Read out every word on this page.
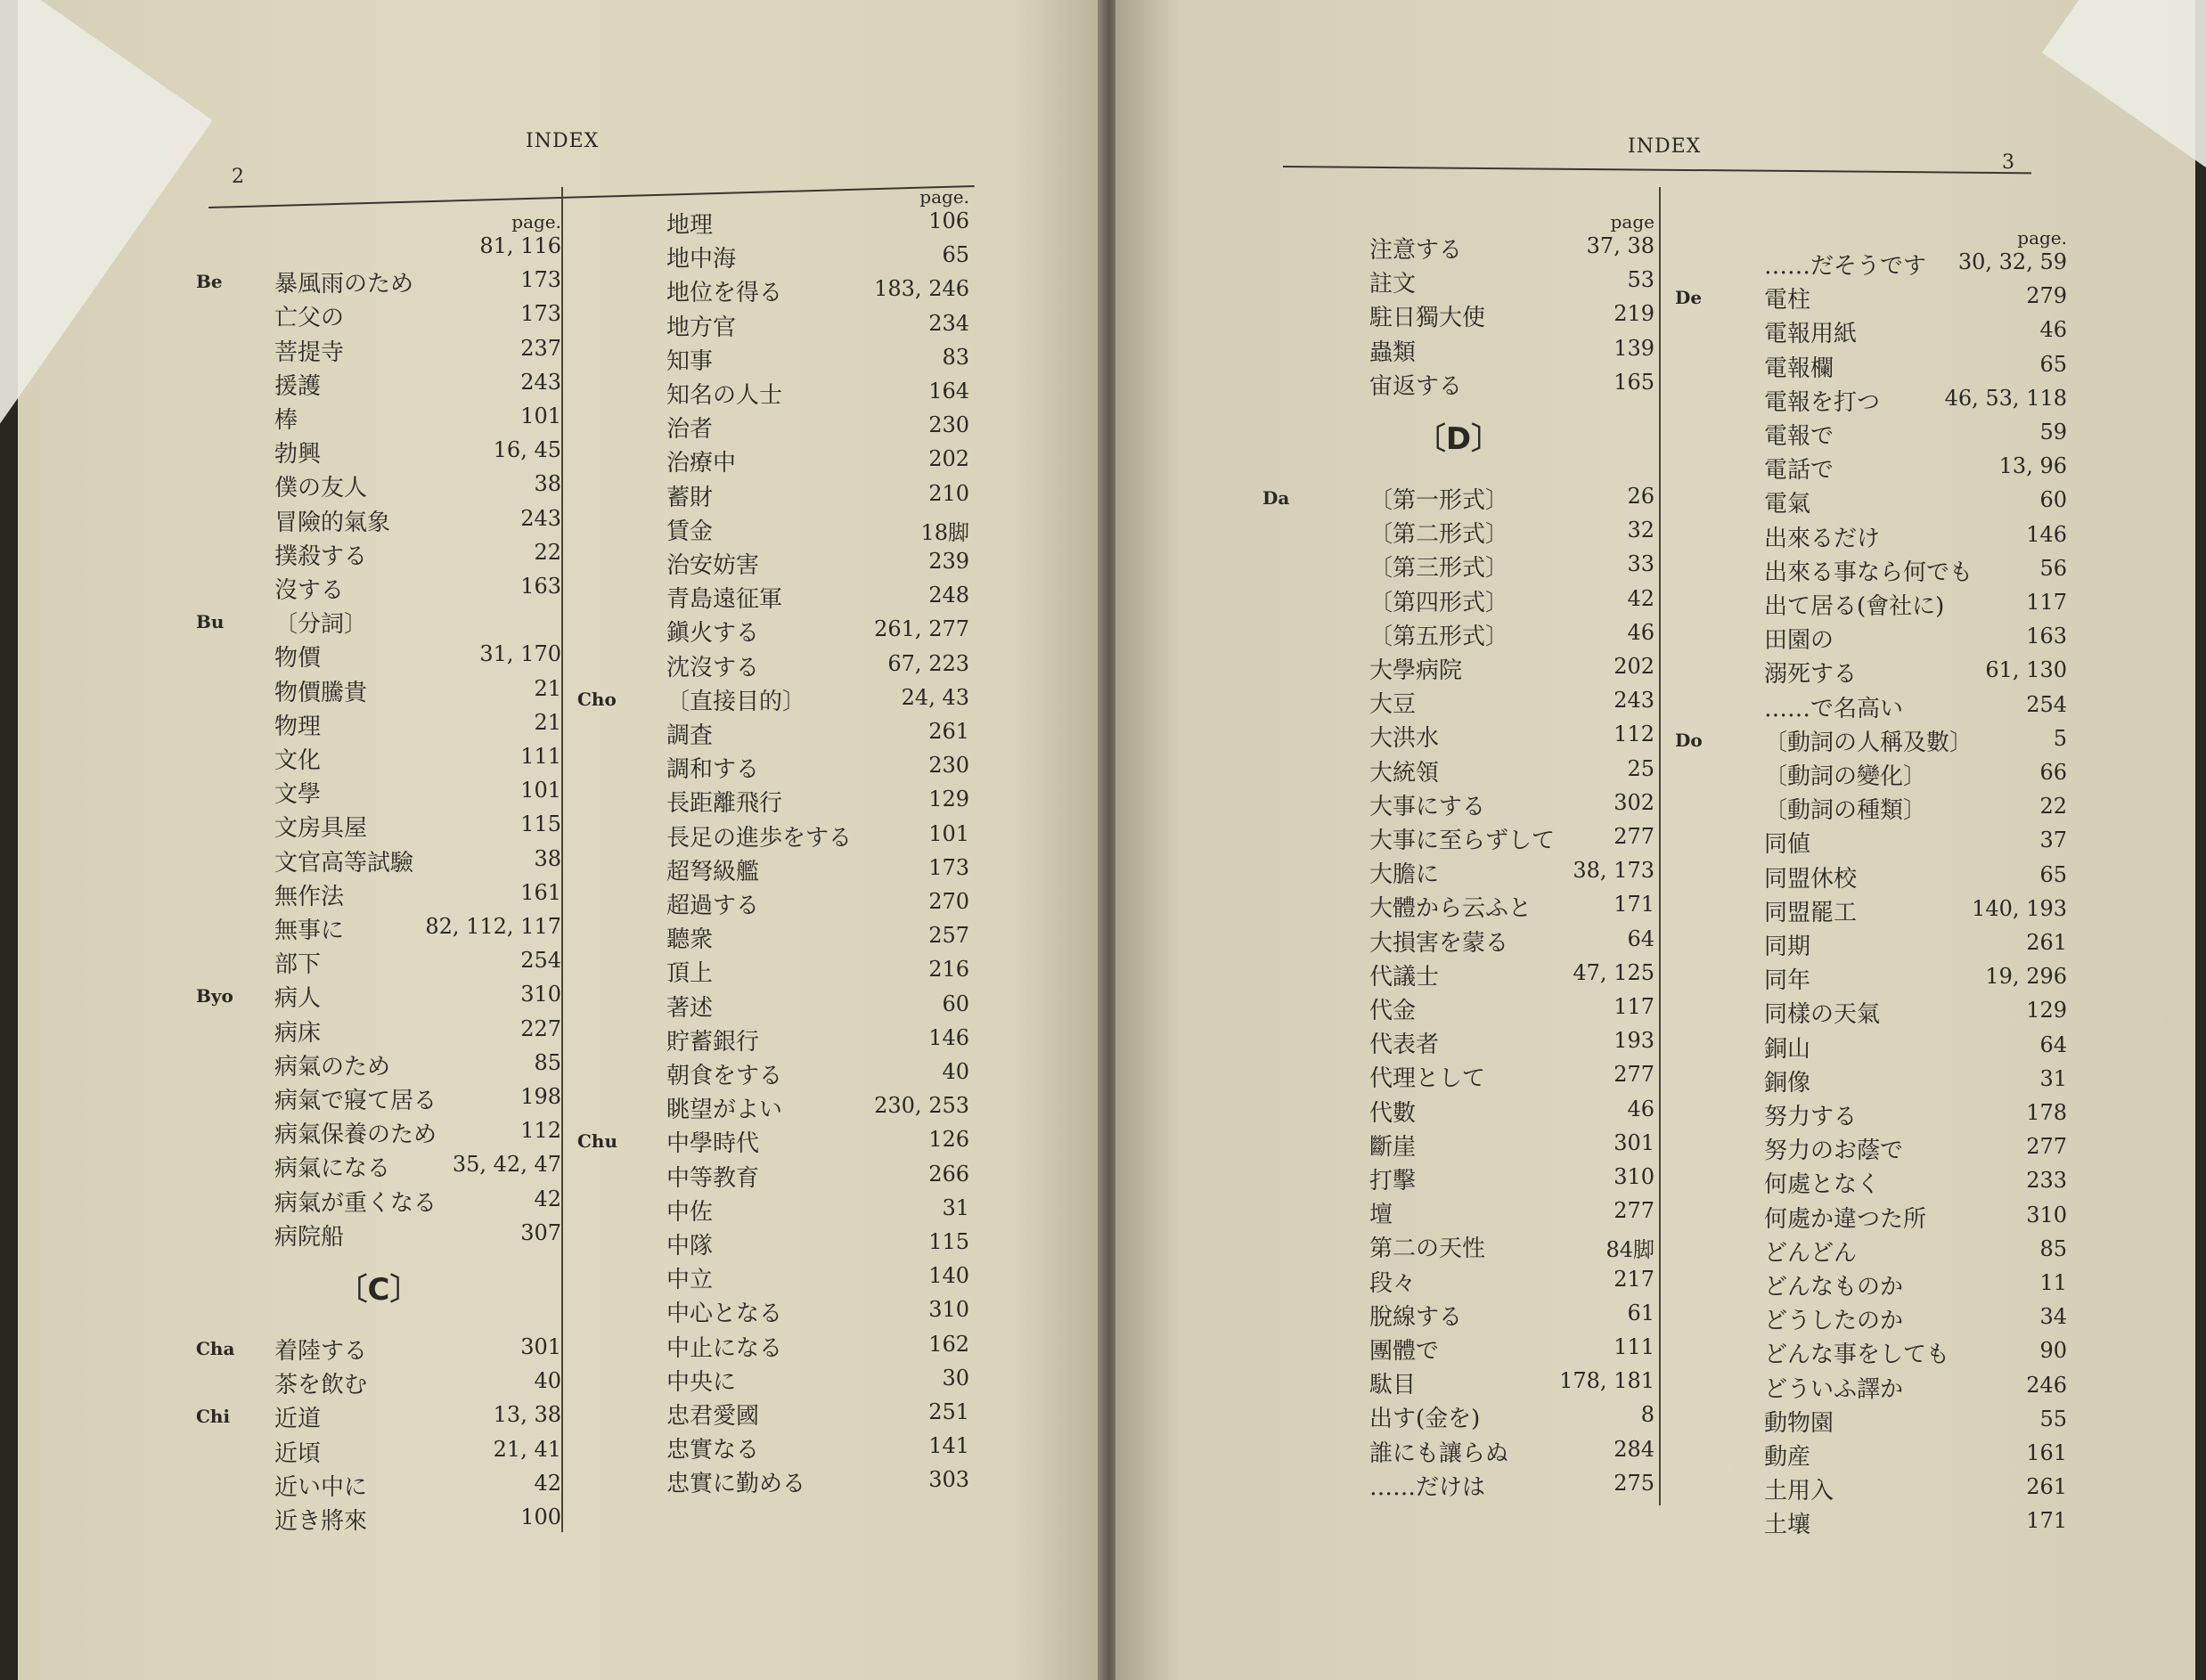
INDEX
2
page.
81, 116
Be 暴風雨のため	173
亡父の	173
菩提寺	237
援護	243
棒	101
勃興	16, 45
僕の友人	38
冒險的氣象	243
撲殺する	22
沒する	163
Bu 〔分詞〕
物價	31, 170
物價騰貴	21
物理	21
文化	111
文學	101
文房具屋	115
文官高等試驗	38
無作法	161
無事に	82, 112, 117
部下	254
Byo 病人	310
病床	227
病氣のため	85
病氣で寢て居る	198
病氣保養のため	112
病氣になる	35, 42, 47
病氣が重くなる	42
病院船	307
〔C〕
Cha 着陸する	301
茶を飲む	40
Chi 近道	13, 38
近頃	21, 41
近い中に	42
近き將來	100
page.
地理	106
地中海	65
地位を得る	183, 246
地方官	234
知事	83
知名の人士	164
治者	230
治療中	202
蓄財	210
賃金	18脚
治安妨害	239
青島遠征軍	248
鎭火する	261, 277
沈沒する	67, 223
Cho 〔直接目的〕	24, 43
調査	261
調和する	230
長距離飛行	129
長足の進歩をする	101
超弩級艦	173
超過する	270
聽衆	257
頂上	216
著述	60
貯蓄銀行	146
朝食をする	40
眺望がよい	230, 253
Chu 中學時代	126
中等教育	266
中佐	31
中隊	115
中立	140
中心となる	310
中止になる	162
中央に	30
忠君愛國	251
忠實なる	141
忠實に勤める	303
INDEX
3
page
注意する	37, 38
註文	53
駐日獨大使	219
蟲類	139
宙返する	165
〔D〕
Da	〔第一形式〕	26
〔第二形式〕	32
〔第三形式〕	33
〔第四形式〕	42
〔第五形式〕	46
大學病院	202
大豆	243
大洪水	112
大統領	25
大事にする	302
大事に至らずして	277
大膽に	38, 173
大體から云ふと	171
大損害を蒙る	64
代議士	47, 125
代金	117
代表者	193
代理として	277
代數	46
斷崖	301
打擊	310
壇	277
第二の天性	84脚
段々	217
脫線する	61
團體で	111
駄目	178, 181
出す(金を)	8
誰にも讓らぬ	284
……だけは	275
page.
……だそうです 30, 32, 59
De	電柱	279
電報用紙	46
電報欄	65
電報を打つ	46, 53, 118
電報で	59
電話で	13, 96
電氣	60
出來るだけ	146
出來る事なら何でも	56
出て居る(會社に)	117
田園の	163
溺死する	61, 130
……で名高い	254
Do	〔動詞の人稱及數〕	5
〔動詞の變化〕	66
〔動詞の種類〕	22
同値	37
同盟休校	65
同盟罷工	140, 193
同期	261
同年	19, 296
同樣の天氣	129
銅山	64
銅像	31
努力する	178
努力のお蔭で	277
何處となく	233
何處か違つた所	310
どんどん	85
どんなものか	11
どうしたのか	34
どんな事をしても	90
どういふ譯か	246
動物園	55
動産	161
土用入	261
土壤	171
